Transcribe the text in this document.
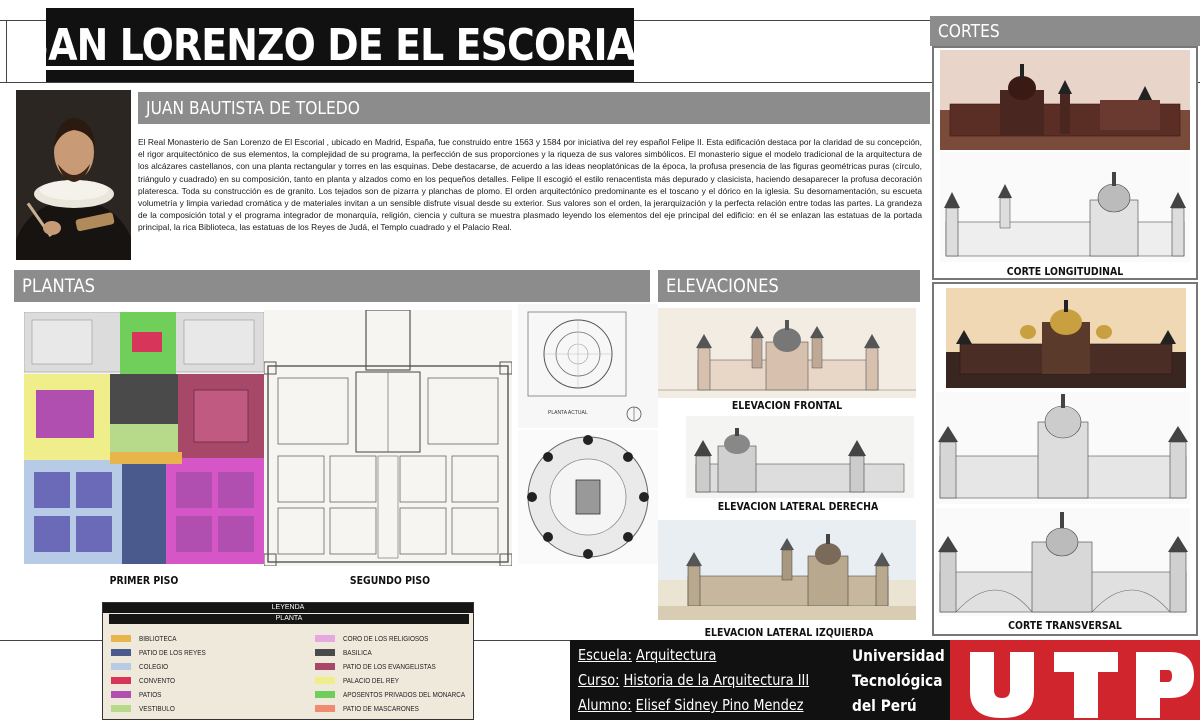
SAN LORENZO DE EL ESCORIAL
JUAN BAUTISTA DE TOLEDO
El Real Monasterio de San Lorenzo de El Escorial , ubicado en Madrid, España, fue construido entre 1563 y 1584 por iniciativa del rey español Felipe II. Esta edificación destaca por la claridad de su concepción, el rigor arquitectónico de sus elementos, la complejidad de su programa, la perfección de sus proporciones y la riqueza de sus valores simbólicos. El monasterio sigue el modelo tradicional de la arquitectura de los alcázares castellanos, con una planta rectangular y torres en las esquinas. Debe destacarse, de acuerdo a las ideas neoplatónicas de la época, la profusa presencia de las figuras geométricas puras (círculo, triángulo y cuadrado) en su composición, tanto en planta y alzados como en los pequeños detalles. Felipe II escogió el estilo renacentista más depurado y clasicista, haciendo desaparecer la profusa decoración plateresca. Toda su construcción es de granito. Los tejados son de pizarra y planchas de plomo. El orden arquitectónico predominante es el toscano y el dórico en la iglesia. Su desornamentación, su escueta volumetría y limpia variedad cromática y de materiales invitan a un sensible disfrute visual desde su exterior. Sus valores son el orden, la jerarquización y la perfecta relación entre todas las partes. La grandeza de la composición total y el programa integrador de monarquía, religión, ciencia y cultura se muestra plasmado leyendo los elementos del eje principal del edificio: en él se enlazan las estatuas de la portada principal, la rica Biblioteca, las estatuas de los Reyes de Judá, el Templo cuadrado y el Palacio Real.
PLANTAS	ELEVACIONES
CORTES
PRIMER PISO	SEGUNDO PISO
PLANTA ACTUAL
ELEVACION FRONTAL
ELEVACION LATERAL DERECHA
ELEVACION LATERAL IZQUIERDA
CORTE LONGITUDINAL
CORTE TRANSVERSAL
LEYENDA
PLANTA
BIBLIOTECA
PATIO DE LOS REYES
COLEGIO
CONVENTO
PATIOS
VESTIBULO
CORO DE LOS RELIGIOSOS
BASILICA
PATIO DE LOS EVANGELISTAS
PALACIO DEL REY
APOSENTOS PRIVADOS DEL MONARCA
PATIO DE MASCARONES
Escuela: Arquitectura
Curso: Historia de la Arquitectura III
Alumno: Elisef Sidney Pino Mendez
Universidad
Tecnológica
del Perú
